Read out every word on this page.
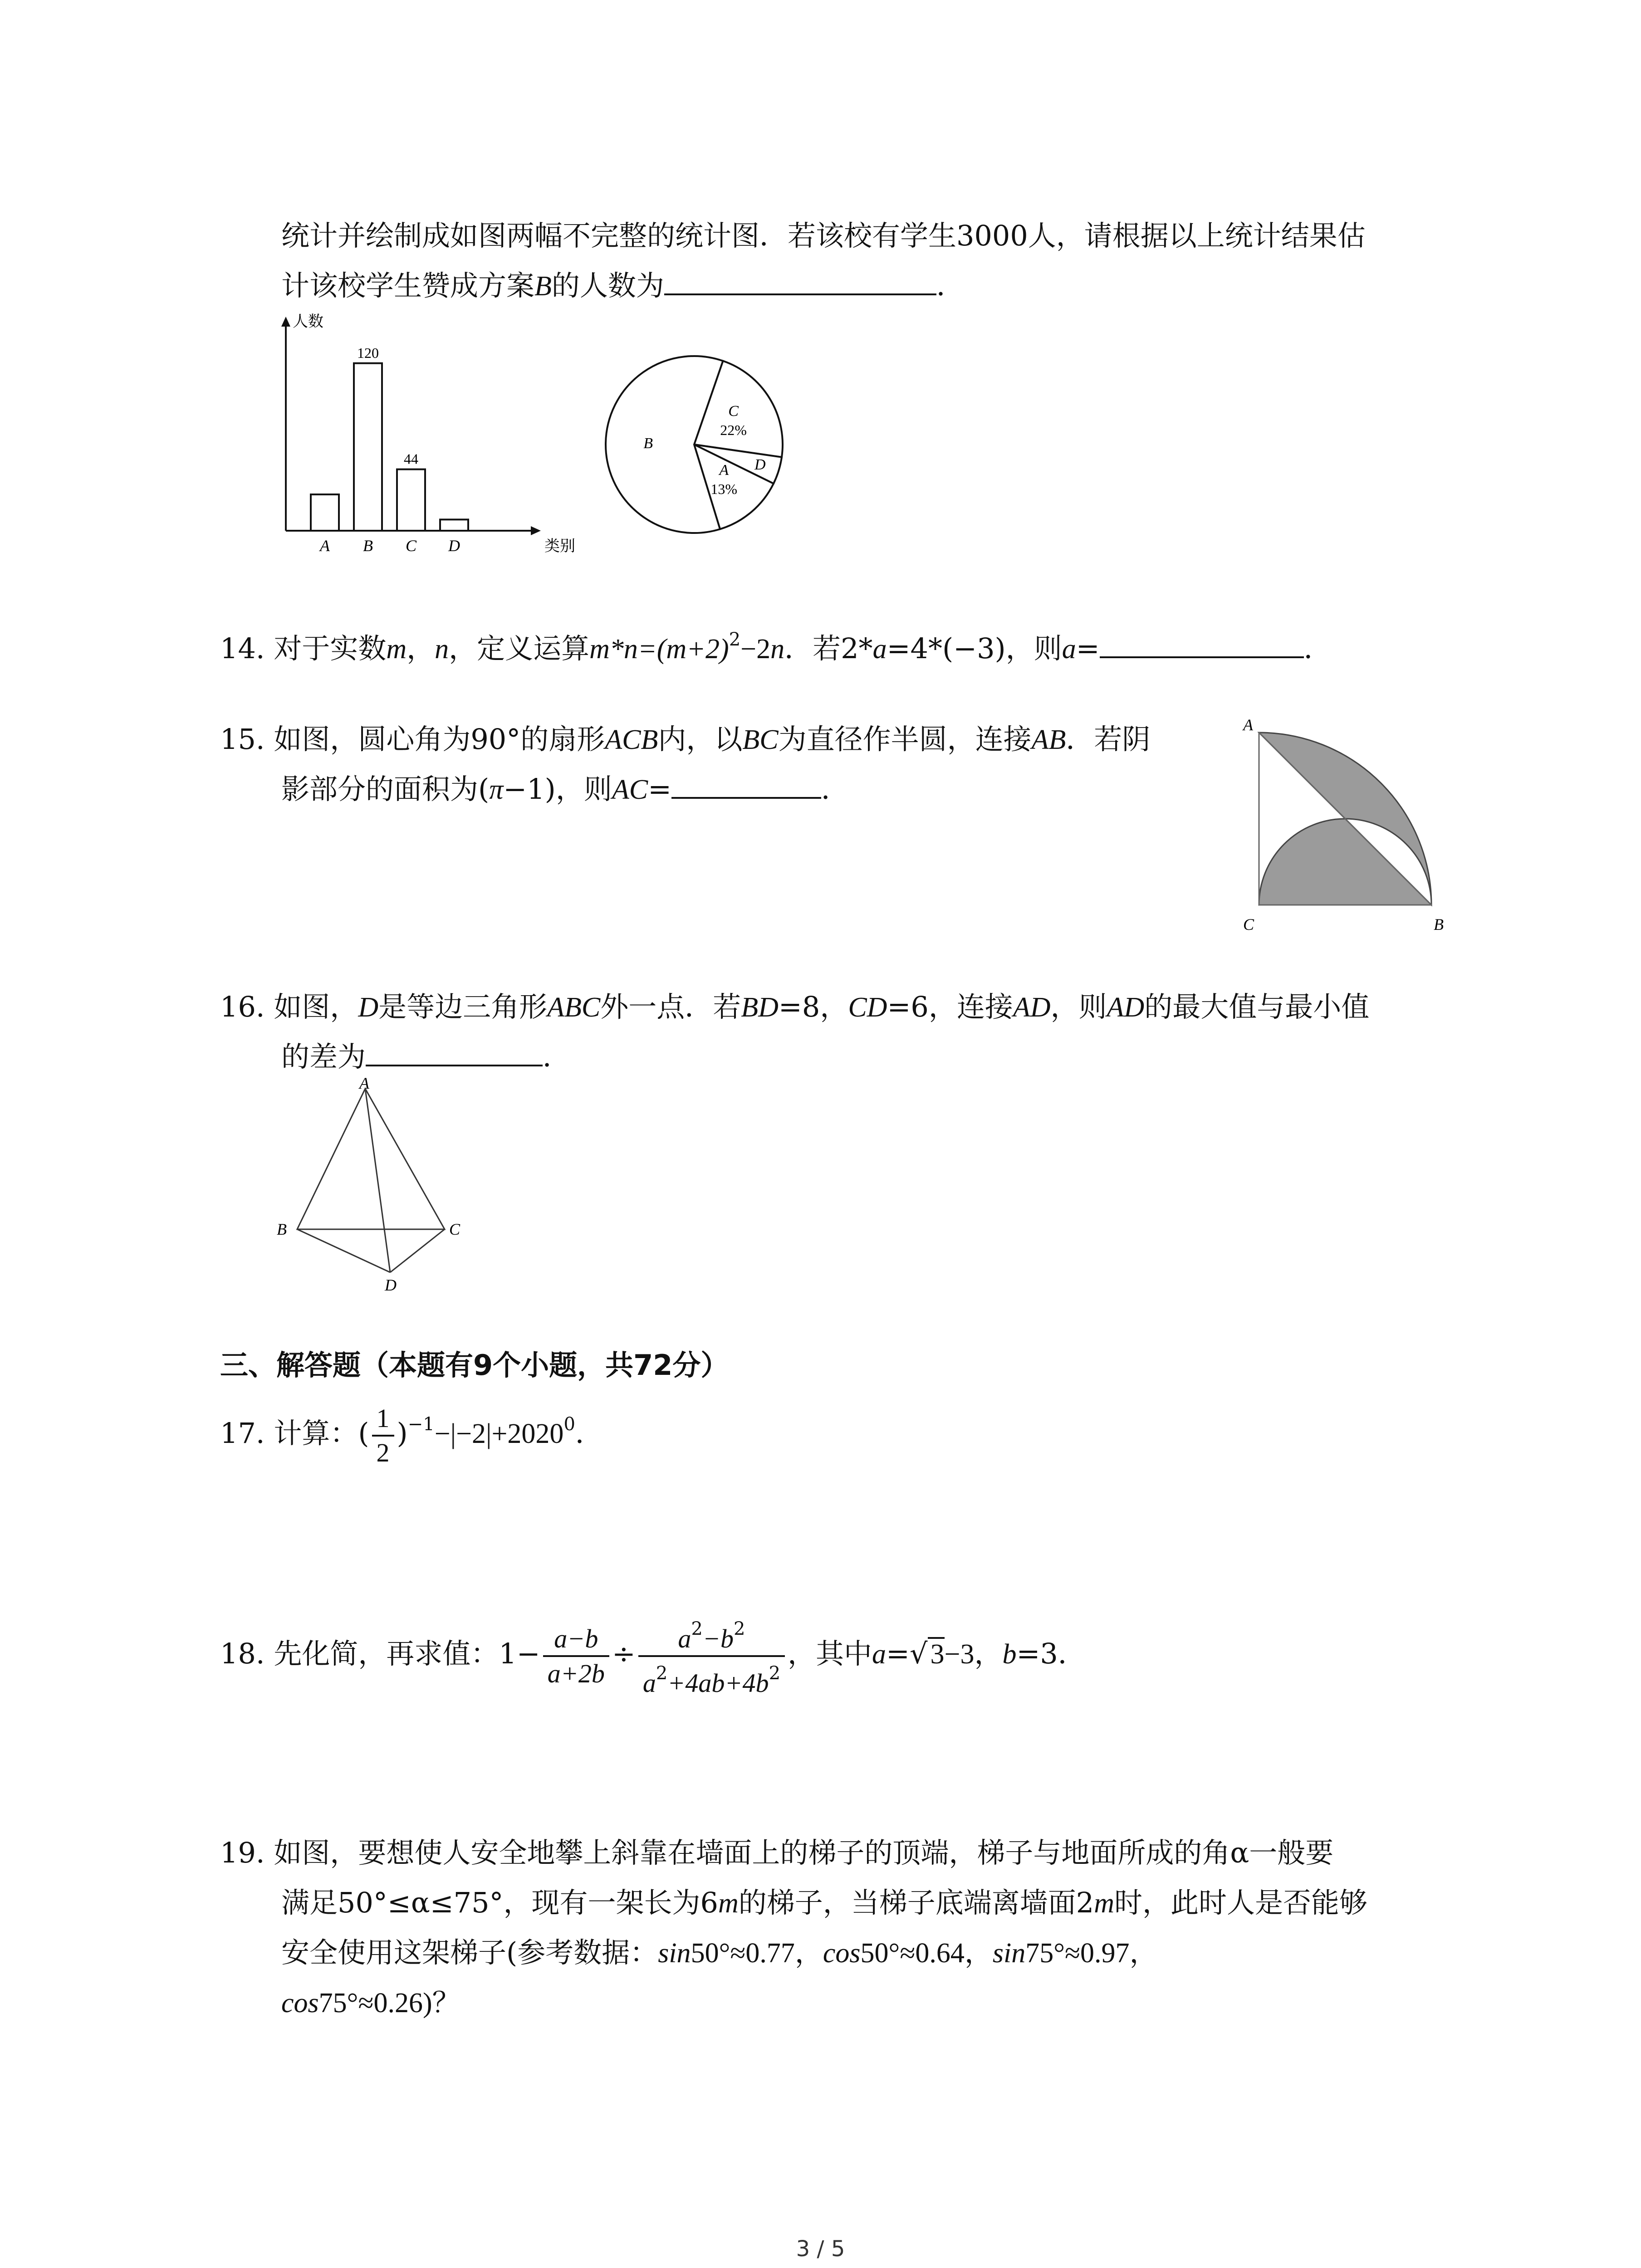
统计并绘制成如图两幅不完整的统计图．若该校有学生3000人，请根据以上统计结果估
计该校学生赞成方案B的人数为	．
人数
类别
A B
120
C
44
D
C
22%
D
A
13%
B
14. 对于实数m，n，定义运算$m*n=(m+2)^2-2n$．若2*a=4*(−3)，则a=	．
15. 如图，圆心角为90°的扇形ACB内，以BC为直径作半圆，连接AB．若阴
影部分的面积为(π−1)，则AC=	．
A
C	B
16. 如图，D是等边三角形ABC外一点．若BD=8，CD=6，连接AD，则AD的最大值与最小值
的差为	．
A
B	C
D
三、解答题（本题有9个小题，共72分）
17. 计算：( $\frac{1}{2} )^{-1}-|-2|+2020^0$．
18. 先化简，再求值：$1- \frac{a-b}{a+2b} \div \frac{a^2-b^2}{a^2+4ab+4b^2}$ ，其中a=√3−3，b=3．
19. 如图，要想使人安全地攀上斜靠在墙面上的梯子的顶端，梯子与地面所成的角α一般要
满足50°≤α≤75°，现有一架长为6m的梯子，当梯子底端离墙面2m时，此时人是否能够
安全使用这架梯子(参考数据：sin50°≈0.77，cos50°≈0.64，sin75°≈0.97，
cos75°≈0.26)？
3 / 5
